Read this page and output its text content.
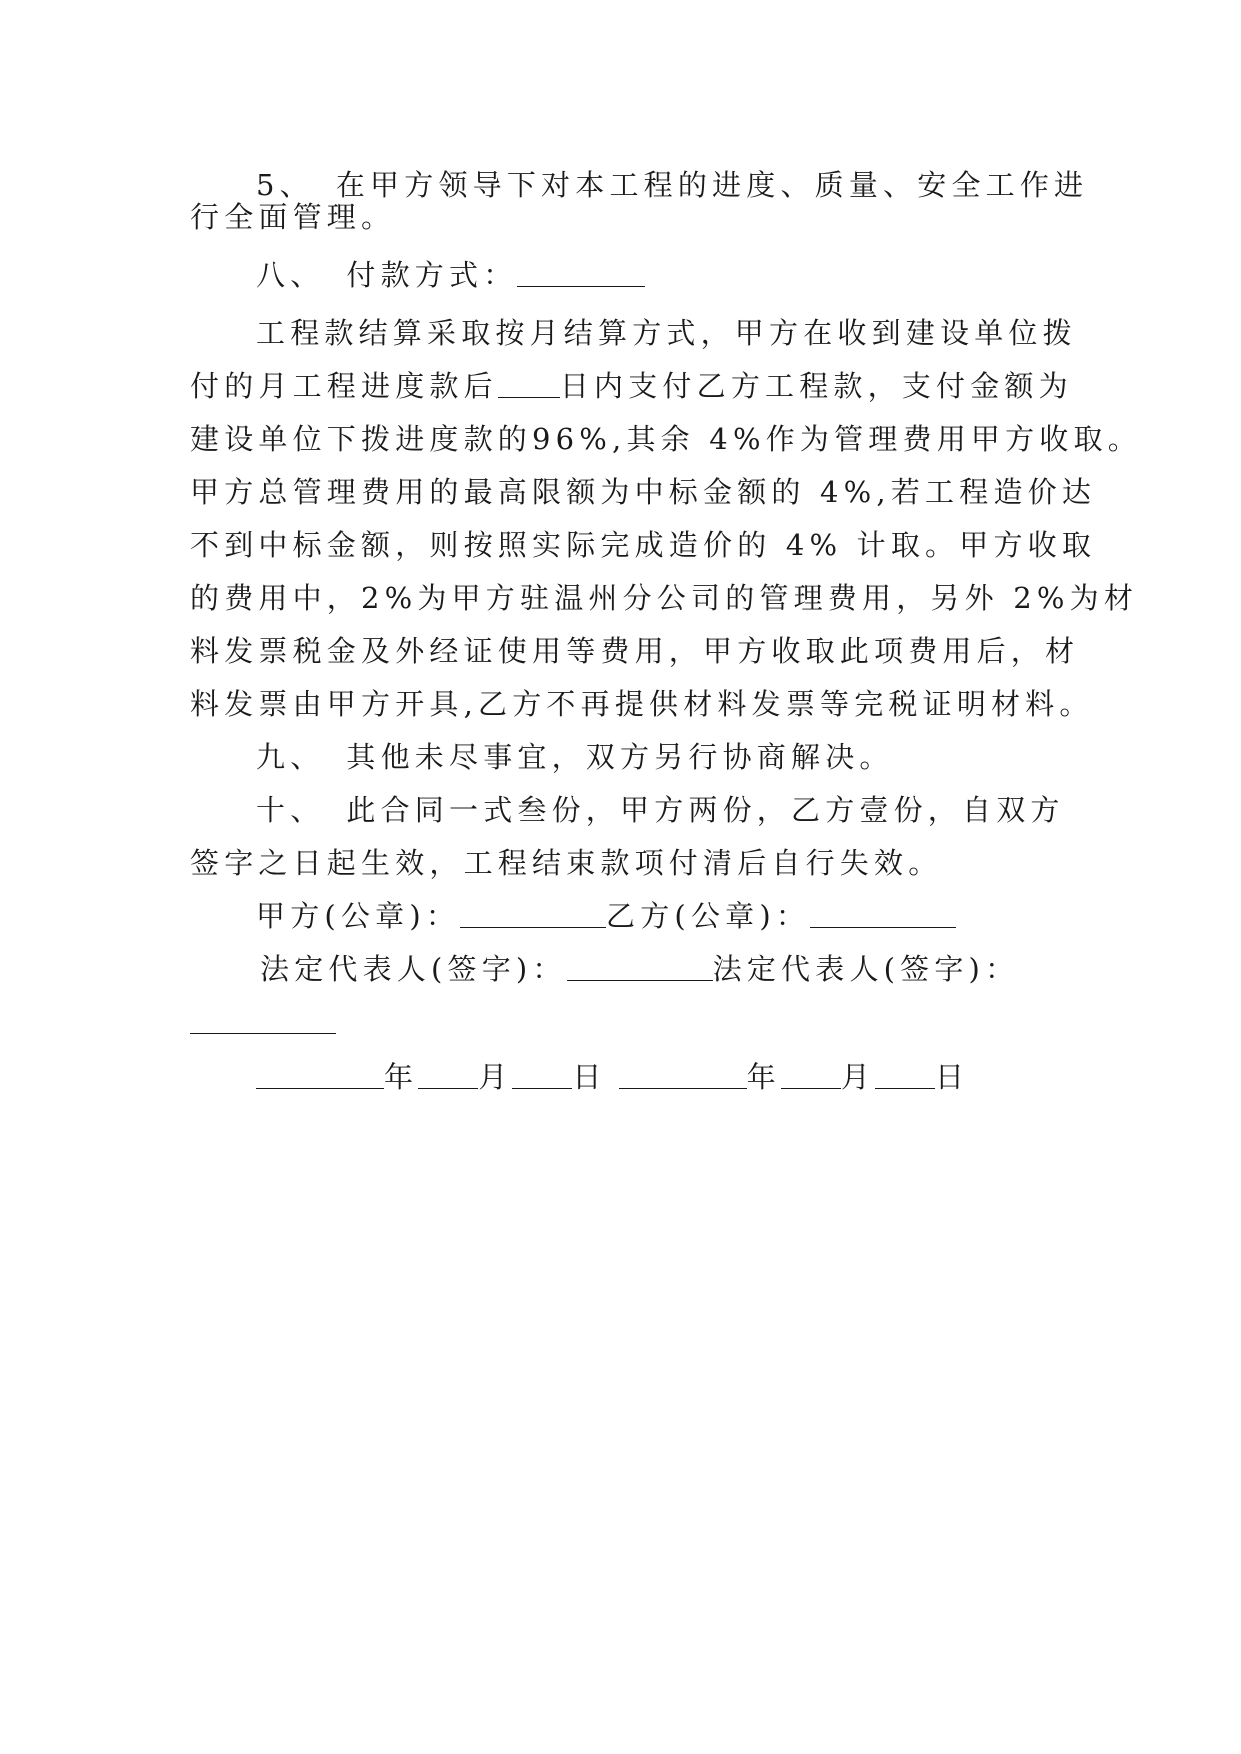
5、 在甲方领导下对本工程的进度、质量、安全工作进
行全面管理。
八、 付款方式：
工程款结算采取按月结算方式，甲方在收到建设单位拨
付的月工程进度款后 日内支付乙方工程款，支付金额为
建设单位下拨进度款的96%,其余 4%作为管理费用甲方收取。
甲方总管理费用的最高限额为中标金额的 4%,若工程造价达
不到中标金额，则按照实际完成造价的 4% 计取。甲方收取
的费用中，2%为甲方驻温州分公司的管理费用，另外 2%为材
料发票税金及外经证使用等费用，甲方收取此项费用后，材
料发票由甲方开具,乙方不再提供材料发票等完税证明材料。
九、 其他未尽事宜，双方另行协商解决。
十、 此合同一式叁份，甲方两份，乙方壹份，自双方
签字之日起生效，工程结束款项付清后自行失效。
甲方(公章)：	乙方(公章)：
法定代表人(签字)：	法定代表人(签字)：
年 月 日	年 月 日
